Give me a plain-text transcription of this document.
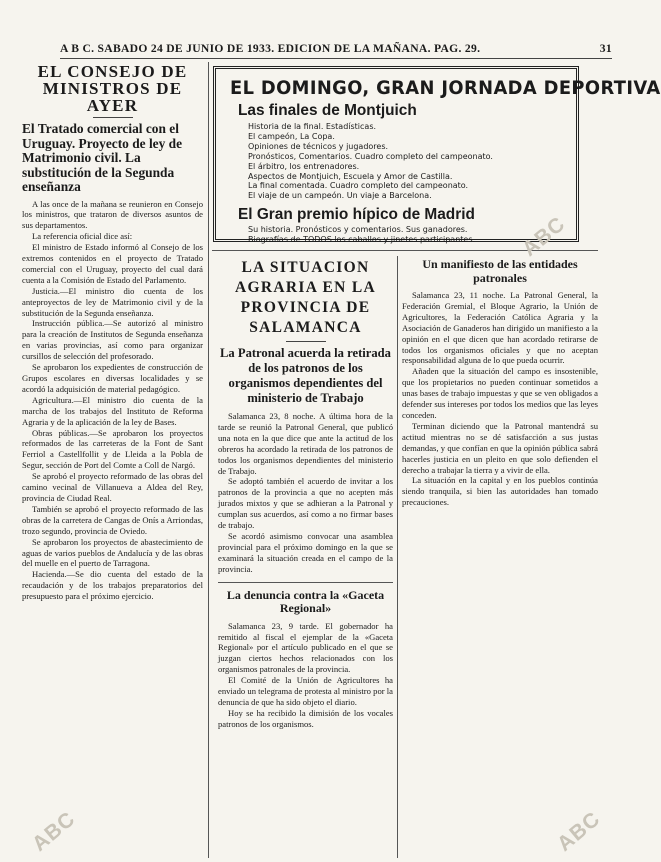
A B C. SABADO 24 DE JUNIO DE 1933. EDICION DE LA MAÑANA. PAG. 29.	31
EL CONSEJO DE MINISTROS DE AYER
El Tratado comercial con el Uruguay. Proyecto de ley de Matrimonio civil. La substitución de la Segunda enseñanza

A las once de la mañana se reunieron en Consejo los ministros, que trataron de diversos asuntos de sus departamentos.

La referencia oficial dice así:

El ministro de Estado informó al Consejo de los extremos contenidos en el proyecto de Tratado comercial con el Uruguay, proyecto del cual dará cuenta a la Comisión de Estado del Parlamento.

Justicia.—El ministro dio cuenta de los anteproyectos de ley de Matrimonio civil y de la substitución de la Segunda enseñanza.

Instrucción pública.—Se autorizó al ministro para la creación de Institutos de Segunda enseñanza en varias provincias, así como para organizar cursillos de selección del profesorado.

Se aprobaron los expedientes de construcción de Grupos escolares en diversas localidades y se acordó la adquisición de material pedagógico.

Agricultura.—El ministro dio cuenta de la marcha de los trabajos del Instituto de Reforma Agraria y de la aplicación de la ley de Bases.

Obras públicas.—Se aprobaron los proyectos reformados de las carreteras de la Font de Sant Ferriol a Castellfollit y de Lleida a la Pobla de Segur, sección de Port del Comte a Coll de Nargó.

Se aprobó el proyecto reformado de las obras del camino vecinal de Villanueva a Aldea del Rey, provincia de Ciudad Real.

También se aprobó el proyecto reformado de las obras de la carretera de Cangas de Onís a Arriondas, trozo segundo, provincia de Oviedo.

Se aprobaron los proyectos de abastecimiento de aguas de varios pueblos de Andalucía y de las obras del muelle en el puerto de Tarragona.

Hacienda.—Se dio cuenta del estado de la recaudación y de los trabajos preparatorios del presupuesto para el próximo ejercicio.

EL DOMINGO, GRAN JORNADA DEPORTIVA
Las finales de Montjuich
Historia de la final. Estadísticas.
El campeón, La Copa.
Opiniones de técnicos y jugadores.
Pronósticos, Comentarios. Cuadro completo del campeonato.
El árbitro, los entrenadores.
Aspectos de Montjuich, Escuela y Amor de Castilla.
La final comentada. Cuadro completo del campeonato.
El viaje de un campeón. Un viaje a Barcelona.
El Gran premio hípico de Madrid
Su historia. Pronósticos y comentarios. Sus ganadores.
Biografías de TODOS los caballos y jinetes participantes.
LA SITUACION AGRARIA EN LA PROVINCIA DE SALAMANCA
La Patronal acuerda la retirada de los patronos de los organismos dependientes del ministerio de Trabajo

Salamanca 23, 8 noche. A última hora de la tarde se reunió la Patronal General, que publicó una nota en la que dice que ante la actitud de los obreros ha acordado la retirada de los patronos de todos los organismos dependientes del ministerio de Trabajo.

Se adoptó también el acuerdo de invitar a los patronos de la provincia a que no acepten más jurados mixtos y que se adhieran a la Patronal y cumplan sus acuerdos, así como a no firmar bases de trabajo.

Se acordó asimismo convocar una asamblea provincial para el próximo domingo en la que se examinará la situación creada en el campo de la provincia.

La denuncia contra la «Gaceta Regional»

Salamanca 23, 9 tarde. El gobernador ha remitido al fiscal el ejemplar de la «Gaceta Regional» por el artículo publicado en el que se juzgan ciertos hechos relacionados con los organismos patronales de la provincia.

El Comité de la Unión de Agricultores ha enviado un telegrama de protesta al ministro por la denuncia de que ha sido objeto el diario.

Hoy se ha recibido la dimisión de los vocales patronos de los organismos.

Un manifiesto de las entidades patronales

Salamanca 23, 11 noche. La Patronal General, la Federación Gremial, el Bloque Agrario, la Unión de Agricultores, la Federación Católica Agraria y la Asociación de Ganaderos han dirigido un manifiesto a la opinión en el que dicen que han acordado retirarse de todos los organismos oficiales y que no aceptan responsabilidad alguna de lo que pueda ocurrir.

Añaden que la situación del campo es insostenible, que los propietarios no pueden continuar sometidos a unas bases de trabajo impuestas y que se ven obligados a defender sus intereses por todos los medios que las leyes conceden.

Terminan diciendo que la Patronal mantendrá su actitud mientras no se dé satisfacción a sus justas demandas, y que confían en que la opinión pública sabrá hacerles justicia en un pleito en que solo defienden el derecho a trabajar la tierra y a vivir de ella.

La situación en la capital y en los pueblos continúa siendo tranquila, si bien las autoridades han tomado precauciones.

ABC
ABC	ABC
